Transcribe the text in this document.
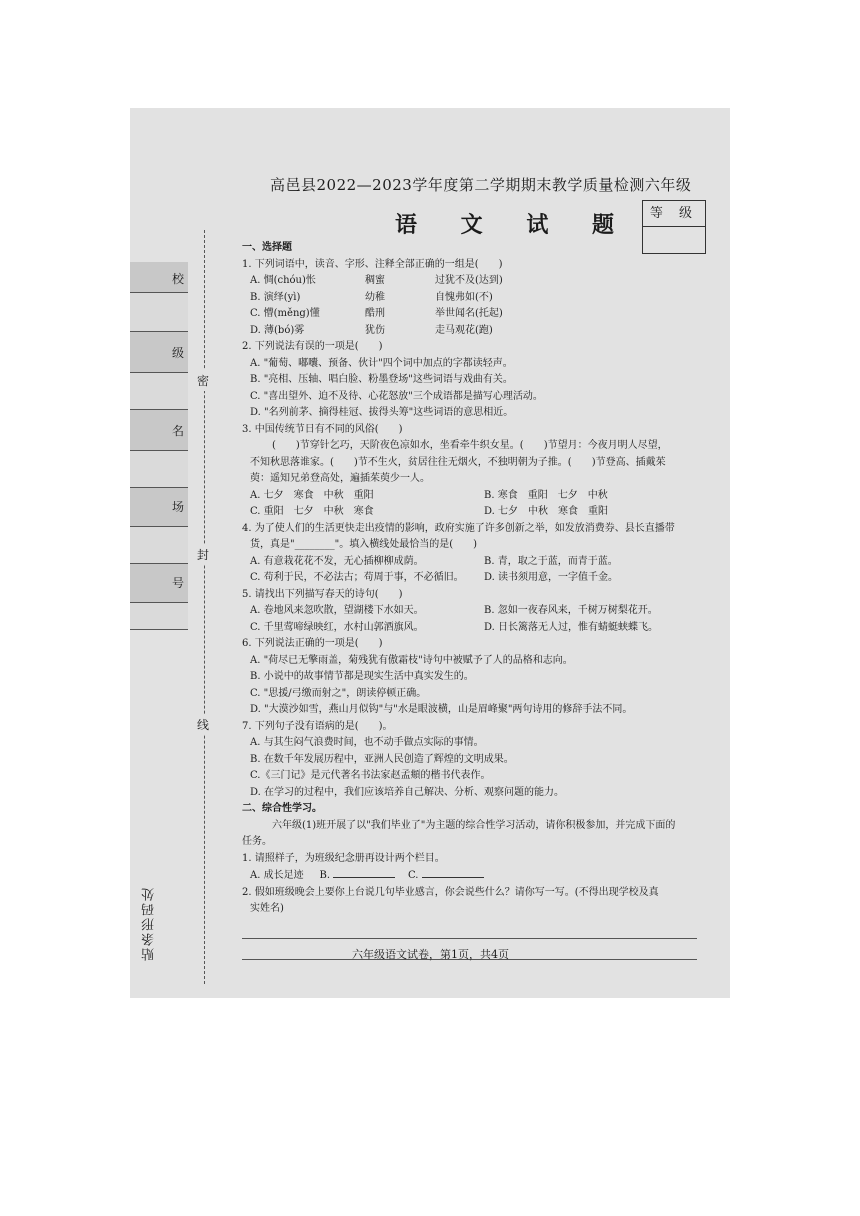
高邑县2022—2023学年度第二学期期末教学质量检测六年级
语 文 试 题	等 级
校
级
名
场
号
贴条形码处
密
封
线
一、选择题
1. 下列词语中，读音、字形、注释全部正确的一组是(　　)
A. 惆(chóu)怅	稠蜜	过犹不及(达到)
B. 演绎(yì)	幼稚	自愧弗如(不)
C. 懵(měng)懂	酷刑	举世闻名(托起)
D. 薄(bó)雾	犹伤	走马观花(跑)
2. 下列说法有误的一项是(　　)
A. "葡萄、嘟囔、预备、伙计"四个词中加点的字都读轻声。
B. "亮相、压轴、唱白脸、粉墨登场"这些词语与戏曲有关。
C. "喜出望外、迫不及待、心花怒放"三个成语都是描写心理活动。
D. "名列前茅、摘得桂冠、拔得头筹"这些词语的意思相近。
3. 中国传统节日有不同的风俗(　　)
(　　)节穿针乞巧，天阶夜色凉如水，坐看牵牛织女星。(　　)节望月：今夜月明人尽望，
不知秋思落谁家。(　　)节不生火，贫居往往无烟火，不独明朝为子推。(　　)节登高、插戴茱
萸：遥知兄弟登高处，遍插茱萸少一人。
A. 七夕　寒食　中秋　重阳	B. 寒食　重阳　七夕　中秋
C. 重阳　七夕　中秋　寒食	D. 七夕　中秋　寒食　重阳
4. 为了使人们的生活更快走出疫情的影响，政府实施了许多创新之举，如发放消费券、县长直播带
货，真是"________"。填入横线处最恰当的是(　　)
A. 有意栽花花不发，无心插柳柳成荫。	B. 青，取之于蓝，而青于蓝。
C. 苟利于民，不必法古；苟周于事，不必循旧。 D. 读书须用意，一字值千金。
5. 请找出下列描写春天的诗句(　　)
A. 卷地风来忽吹散，望湖楼下水如天。	B. 忽如一夜春风来，千树万树梨花开。
C. 千里莺啼绿映红，水村山郭酒旗风。	D. 日长篱落无人过，惟有蜻蜓蛱蝶飞。
6. 下列说法正确的一项是(　　)
A. "荷尽已无擎雨盖，菊残犹有傲霜枝"诗句中被赋予了人的品格和志向。
B. 小说中的故事情节都是现实生活中真实发生的。
C. "思援/弓缴而射之"，朗读停顿正确。
D. "大漠沙如雪，燕山月似钩"与"水是眼波横，山是眉峰聚"两句诗用的修辞手法不同。
7. 下列句子没有语病的是(　　)。
A. 与其生闷气浪费时间，也不动手做点实际的事情。
B. 在数千年发展历程中，亚洲人民创造了辉煌的文明成果。
C.《三门记》是元代著名书法家赵孟頫的楷书代表作。
D. 在学习的过程中，我们应该培养自己解决、分析、观察问题的能力。
二、综合性学习。
六年级(1)班开展了以"我们毕业了"为主题的综合性学习活动，请你积极参加，并完成下面的
任务。
1. 请照样子，为班级纪念册再设计两个栏目。
A. 成长足迹 B.	C.
2. 假如班级晚会上要你上台说几句毕业感言，你会说些什么？请你写一写。(不得出现学校及真
实姓名)
六年级语文试卷，第1页，共4页
